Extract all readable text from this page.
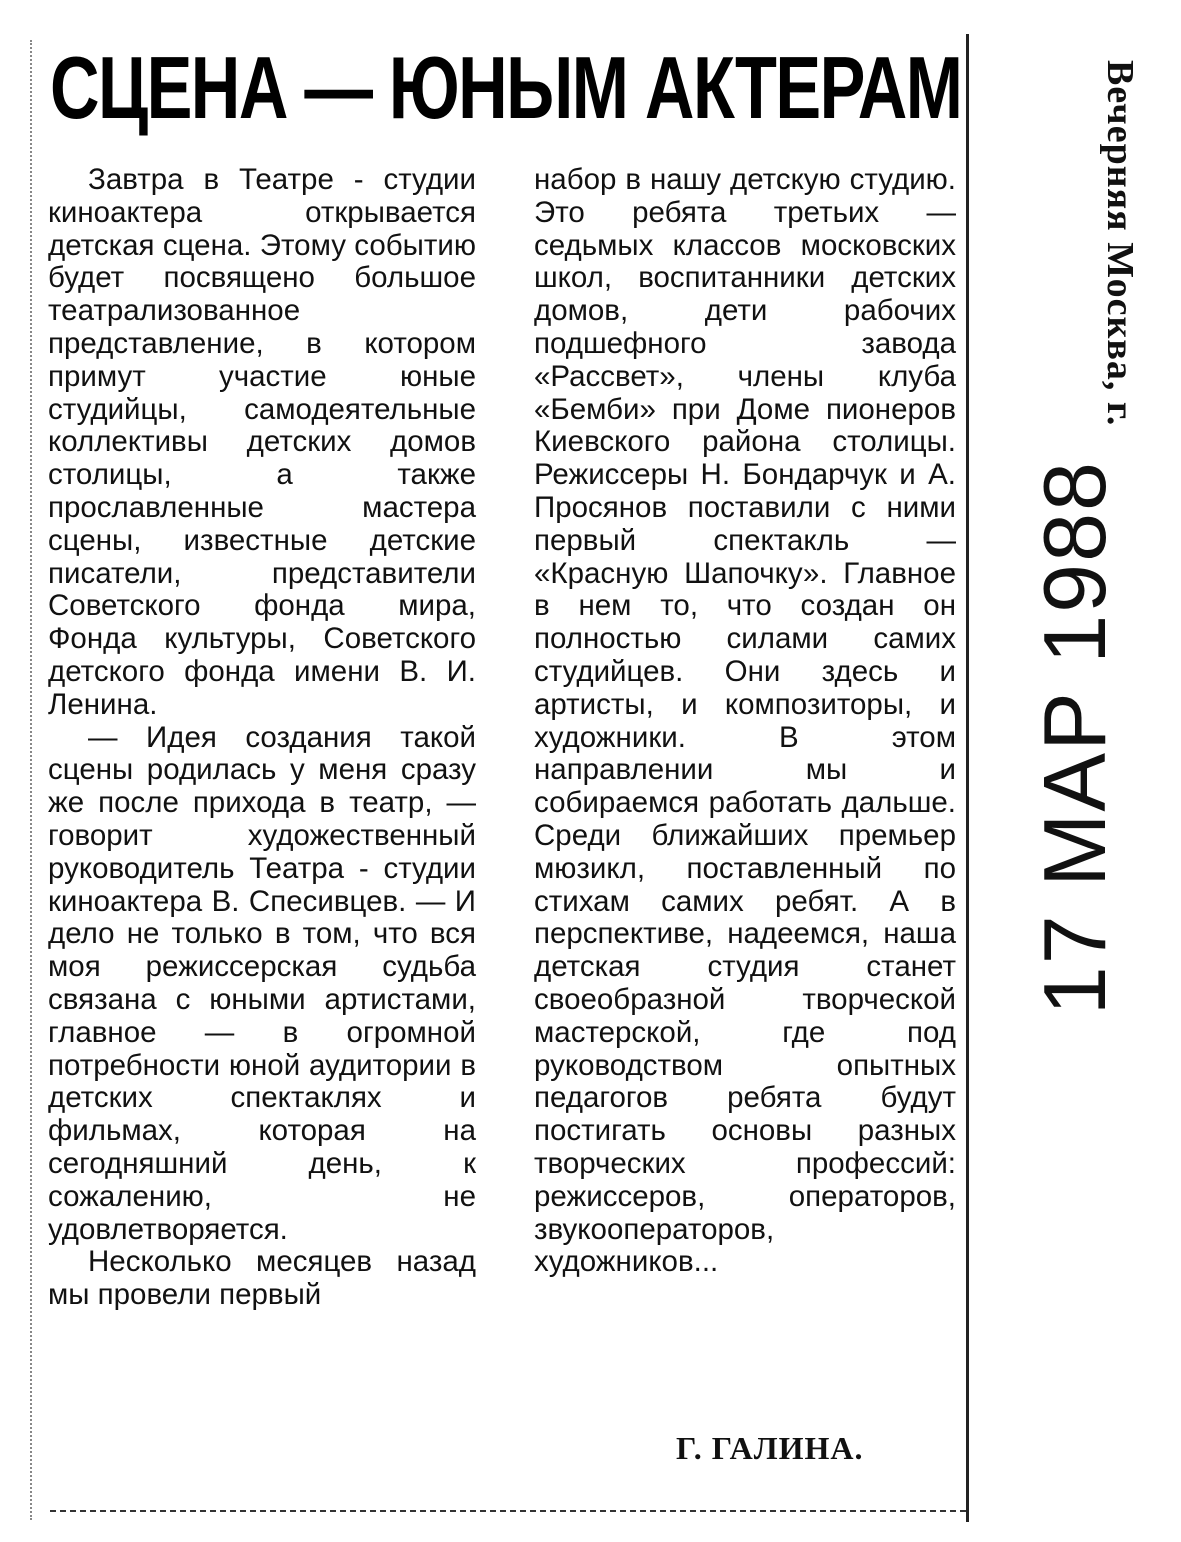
СЦЕНА — ЮНЫМ АКТЕРАМ

Завтра в Театре - студии киноактера открывается детская сцена. Этому событию будет посвящено большое театрализованное представление, в котором примут участие юные студийцы, самодеятельные коллективы детских домов столицы, а также прославленные мастера сцены, известные детские писатели, представители Советского фонда мира, Фонда культуры, Советского детского фонда имени В. И. Ленина.

— Идея создания такой сцены родилась у меня сразу же после прихода в театр, — говорит художественный руководитель Театра - студии киноактера В. Спесивцев. — И дело не только в том, что вся моя режиссерская судьба связана с юными артистами, главное — в огромной потребности юной аудитории в детских спектаклях и фильмах, которая на сегодняшний день, к сожалению, не удовлетворяется.

Несколько месяцев назад мы провели первый

набор в нашу детскую студию. Это ребята третьих — седьмых классов московских школ, воспитанники детских домов, дети рабочих подшефного завода «Рассвет», члены клуба «Бемби» при Доме пионеров Киевского района столицы. Режиссеры Н. Бондарчук и А. Просянов поставили с ними первый спектакль — «Красную Шапочку». Главное в нем то, что создан он полностью силами самих студийцев. Они здесь и артисты, и композиторы, и художники. В этом направлении мы и собираемся работать дальше. Среди ближайших премьер мюзикл, поставленный по стихам самих ребят. А в перспективе, надеемся, наша детская студия станет своеобразной творческой мастерской, где под руководством опытных педагогов ребята будут постигать основы разных творческих профессий: режиссеров, операторов, звукооператоров, художников...

Г. ГАЛИНА.
Вечерняя Москва, г.
17 МАР 1988
